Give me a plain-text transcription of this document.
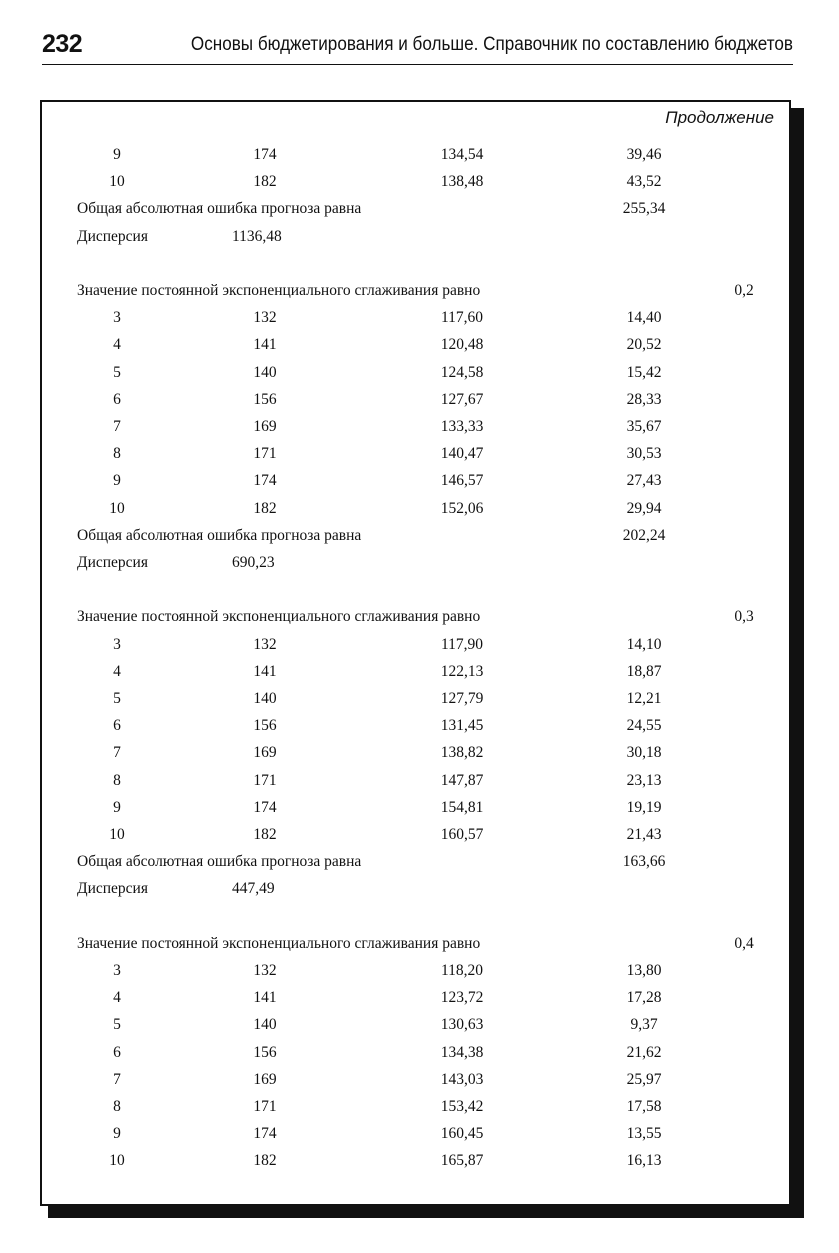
232	Основы бюджетирования и больше. Справочник по составлению бюджетов
Продолжение
9	174	134,54	39,46
10	182	138,48	43,52
Общая абсолютная ошибка прогноза равна	255,34
Дисперсия	1136,48
Значение постоянной экспоненциального сглаживания равно	0,2
3	132	117,60	14,40
4	141	120,48	20,52
5	140	124,58	15,42
6	156	127,67	28,33
7	169	133,33	35,67
8	171	140,47	30,53
9	174	146,57	27,43
10	182	152,06	29,94
Общая абсолютная ошибка прогноза равна	202,24
Дисперсия	690,23
Значение постоянной экспоненциального сглаживания равно	0,3
3	132	117,90	14,10
4	141	122,13	18,87
5	140	127,79	12,21
6	156	131,45	24,55
7	169	138,82	30,18
8	171	147,87	23,13
9	174	154,81	19,19
10	182	160,57	21,43
Общая абсолютная ошибка прогноза равна	163,66
Дисперсия	447,49
Значение постоянной экспоненциального сглаживания равно	0,4
3	132	118,20	13,80
4	141	123,72	17,28
5	140	130,63	9,37
6	156	134,38	21,62
7	169	143,03	25,97
8	171	153,42	17,58
9	174	160,45	13,55
10	182	165,87	16,13
